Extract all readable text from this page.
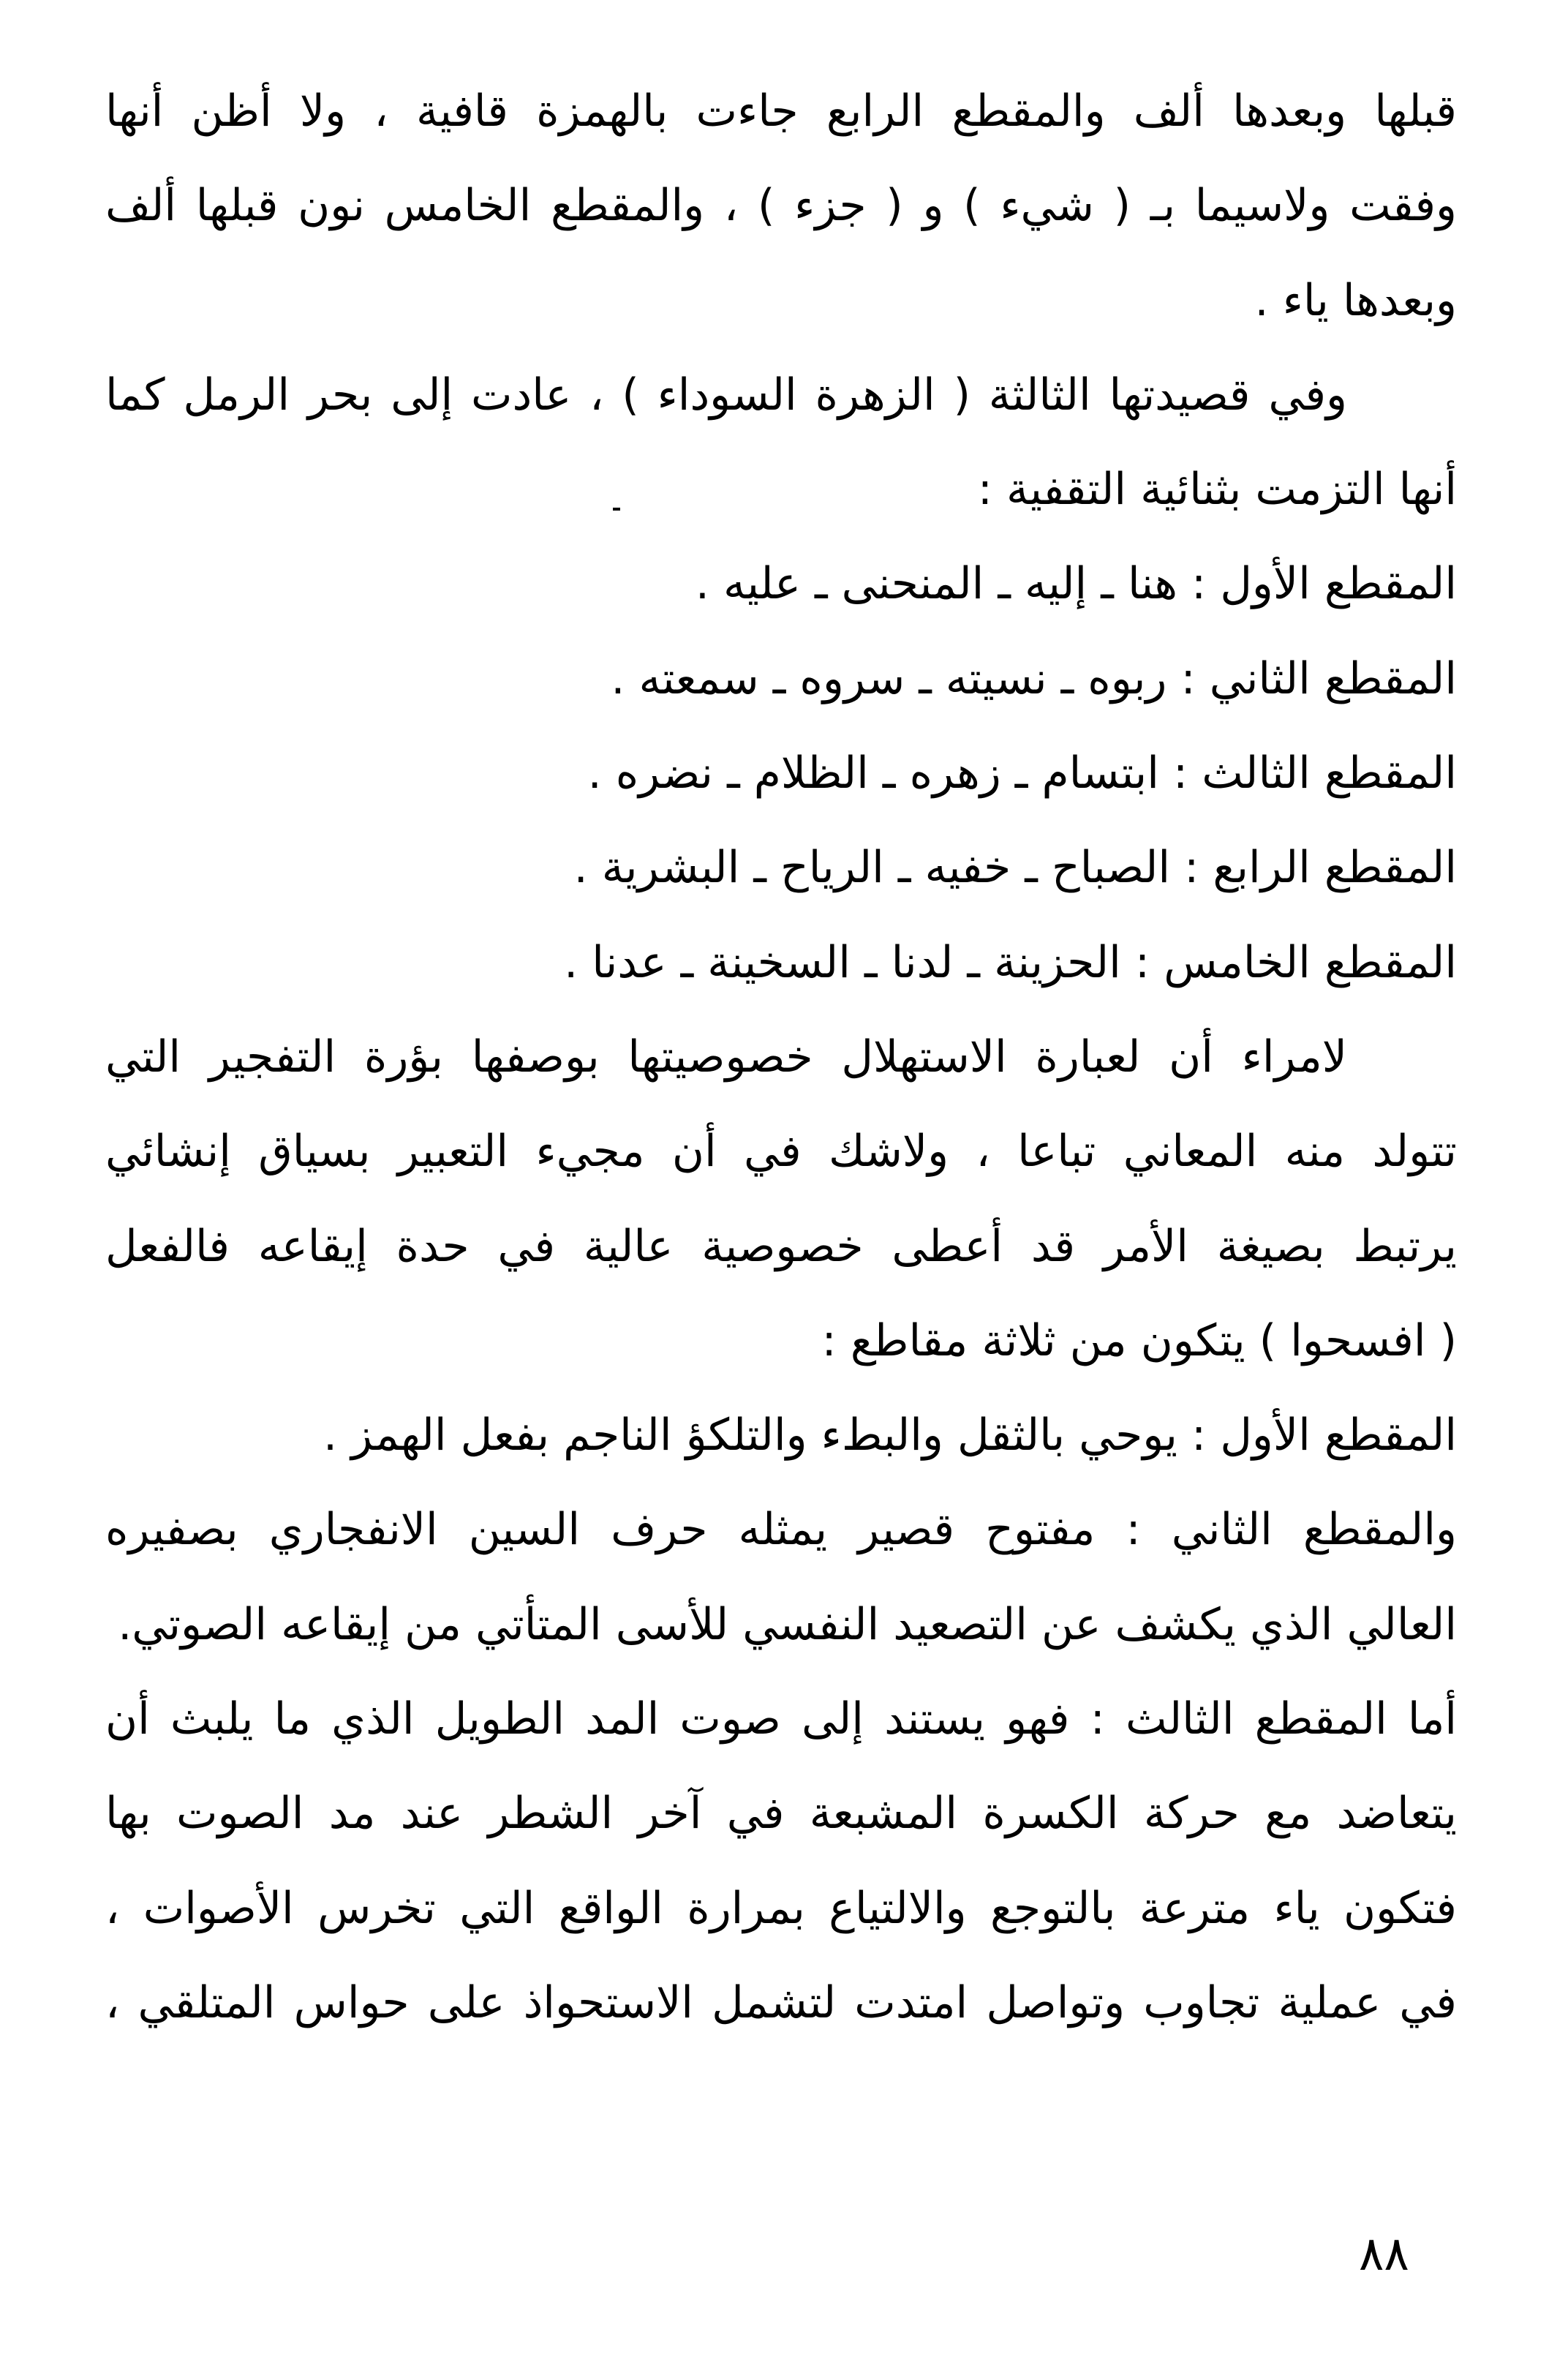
قبلها وبعدها ألف والمقطع الرابع جاءت بالهمزة قافية ، ولا أظن أنها
وفقت ولاسيما بـ ( شيء ) و ( جزء ) ، والمقطع الخامس نون قبلها ألف
وبعدها ياء .
وفي قصيدتها الثالثة ( الزهرة السوداء ) ، عادت إلى بحر الرمل كما
أنها التزمت بثنائية التقفية :
المقطع الأول : هنا ـ إليه ـ المنحنى ـ عليه .
المقطع الثاني : ربوه ـ نسيته ـ سروه ـ سمعته .
المقطع الثالث : ابتسام ـ زهره ـ الظلام ـ نضره .
المقطع الرابع : الصباح ـ خفيه ـ الرياح ـ البشرية .
المقطع الخامس : الحزينة ـ لدنا ـ السخينة ـ عدنا .
لامراء أن لعبارة الاستهلال خصوصيتها بوصفها بؤرة التفجير التي
تتولد منه المعاني تباعا ، ولاشك في أن مجيء التعبير بسياق إنشائي
يرتبط بصيغة الأمر قد أعطى خصوصية عالية في حدة إيقاعه فالفعل
( افسحوا ) يتكون من ثلاثة مقاطع :
المقطع الأول : يوحي بالثقل والبطء والتلكؤ الناجم بفعل الهمز .
والمقطع الثاني : مفتوح قصير يمثله حرف السين الانفجاري بصفيره
العالي الذي يكشف عن التصعيد النفسي للأسى المتأتي من إيقاعه الصوتي.
أما المقطع الثالث : فهو يستند إلى صوت المد الطويل الذي ما يلبث أن
يتعاضد مع حركة الكسرة المشبعة في آخر الشطر عند مد الصوت بها
فتكون ياء مترعة بالتوجع والالتياع بمرارة الواقع التي تخرس الأصوات ،
في عملية تجاوب وتواصل امتدت لتشمل الاستحواذ على حواس المتلقي ،
٨٨
